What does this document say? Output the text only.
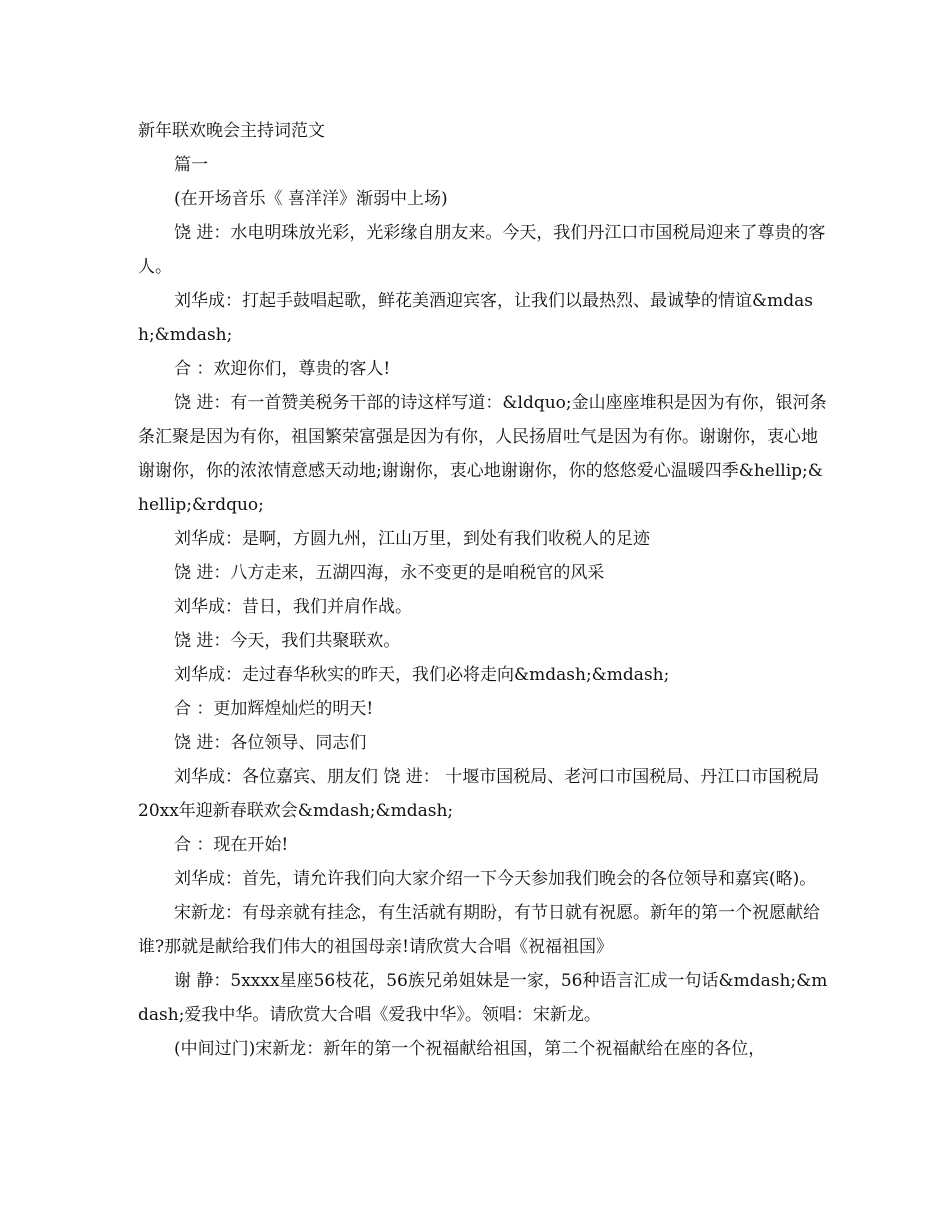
新年联欢晚会主持词范文

篇一

(在开场音乐《 喜洋洋》渐弱中上场)

饶 进：水电明珠放光彩，光彩缘自朋友来。今天，我们丹江口市国税局迎来了尊贵的客人。

刘华成：打起手鼓唱起歌，鲜花美酒迎宾客，让我们以最热烈、最诚挚的情谊&mdash;&mdash;

合 ：欢迎你们，尊贵的客人!

饶 进：有一首赞美税务干部的诗这样写道：&ldquo;金山座座堆积是因为有你，银河条条汇聚是因为有你，祖国繁荣富强是因为有你，人民扬眉吐气是因为有你。谢谢你，衷心地谢谢你，你的浓浓情意感天动地;谢谢你，衷心地谢谢你，你的悠悠爱心温暖四季&hellip;&hellip;&rdquo;

刘华成：是啊，方圆九州，江山万里，到处有我们收税人的足迹

饶 进：八方走来，五湖四海，永不变更的是咱税官的风采

刘华成：昔日，我们并肩作战。

饶 进：今天，我们共聚联欢。

刘华成：走过春华秋实的昨天，我们必将走向&mdash;&mdash;

合 ：更加辉煌灿烂的明天!

饶 进：各位领导、同志们

刘华成：各位嘉宾、朋友们 饶 进： 十堰市国税局、老河口市国税局、丹江口市国税局20xx年迎新春联欢会&mdash;&mdash;

合 ：现在开始!

刘华成：首先，请允许我们向大家介绍一下今天参加我们晚会的各位领导和嘉宾(略)。

宋新龙：有母亲就有挂念，有生活就有期盼，有节日就有祝愿。新年的第一个祝愿献给谁?那就是献给我们伟大的祖国母亲!请欣赏大合唱《祝福祖国》

谢 静：5xxxx星座56枝花，56族兄弟姐妹是一家，56种语言汇成一句话&mdash;&mdash;爱我中华。请欣赏大合唱《爱我中华》。领唱：宋新龙。

(中间过门)宋新龙：新年的第一个祝福献给祖国，第二个祝福献给在座的各位，
